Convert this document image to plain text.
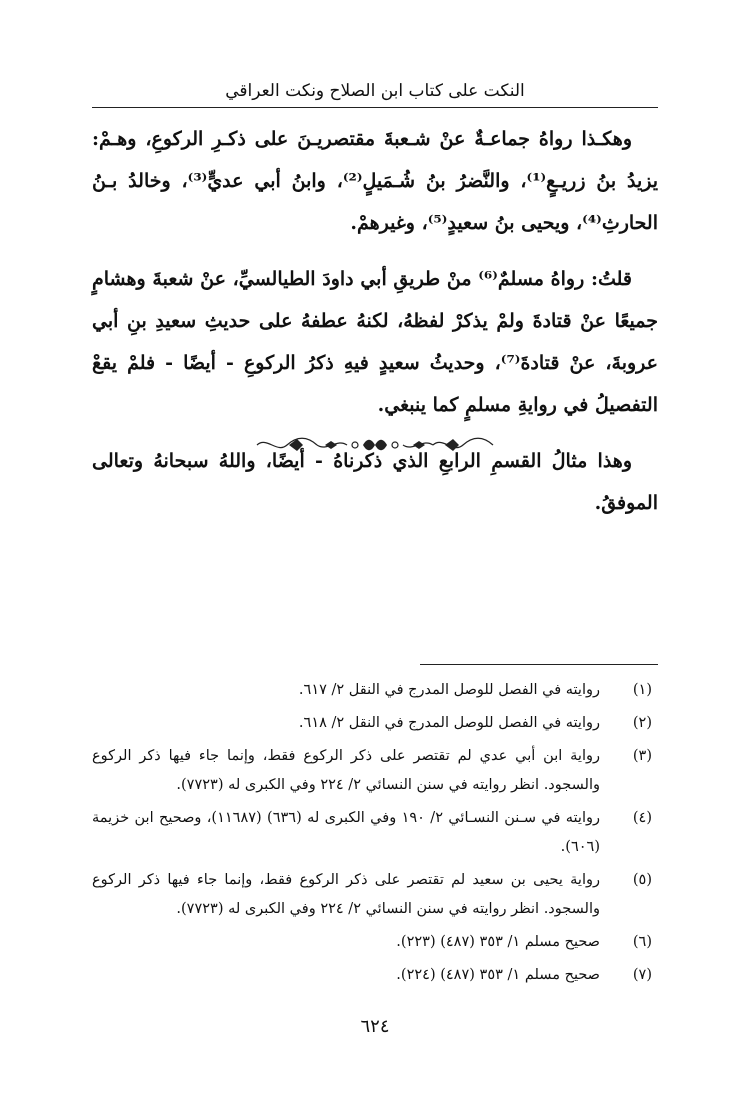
النكت على كتاب ابن الصلاح ونكت العراقي

وهكـذا رواهُ جماعـةٌ عنْ شـعبةَ مقتصريـنَ على ذكـرِ الركوعِ، وهـمْ: يزيدُ بنُ زريـعٍ⁽¹⁾، والنَّضرُ بنُ شُـمَيلٍ⁽²⁾، وابنُ أبي عديٍّ⁽³⁾، وخالدُ بـنُ الحارثِ⁽⁴⁾، ويحيى بنُ سعيدٍ⁽⁵⁾، وغيرهمْ.

قلتُ: رواهُ مسلمٌ⁽⁶⁾ منْ طريقِ أبي داودَ الطيالسيِّ، عنْ شعبةَ وهشامٍ جميعًا عنْ قتادةَ ولمْ يذكرْ لفظهُ، لكنهُ عطفهُ على حديثِ سعيدِ بنِ أبي عروبةَ، عنْ قتادةَ⁽⁷⁾، وحديثُ سعيدٍ فيهِ ذكرُ الركوعِ - أيضًا - فلمْ يقعْ التفصيلُ في روايةِ مسلمٍ كما ينبغي.

وهذا مثالُ القسمِ الرابعِ الذي ذكرناهُ - أيضًا، واللهُ سبحانهُ وتعالى الموفقُ.

(١)
روايته في الفصل للوصل المدرج في النقل ٢/ ٦١٧.
(٢)
روايته في الفصل للوصل المدرج في النقل ٢/ ٦١٨.
(٣)
رواية ابن أبي عدي لم تقتصر على ذكر الركوع فقط، وإنما جاء فيها ذكر الركوع والسجود. انظر روايته في سنن النسائي ٢/ ٢٢٤ وفي الكبرى له (٧٧٢٣).
(٤)
روايته في سـنن النسـائي ٢/ ١٩٠ وفي الكبرى له (٦٣٦) (١١٦٨٧)، وصحيح ابن خزيمة (٦٠٦).
(٥)
رواية يحيى بن سعيد لم تقتصر على ذكر الركوع فقط، وإنما جاء فيها ذكر الركوع والسجود. انظر روايته في سنن النسائي ٢/ ٢٢٤ وفي الكبرى له (٧٧٢٣).
(٦)
صحيح مسلم ١/ ٣٥٣ (٤٨٧) (٢٢٣).
(٧)
صحيح مسلم ١/ ٣٥٣ (٤٨٧) (٢٢٤).
٦٢٤
